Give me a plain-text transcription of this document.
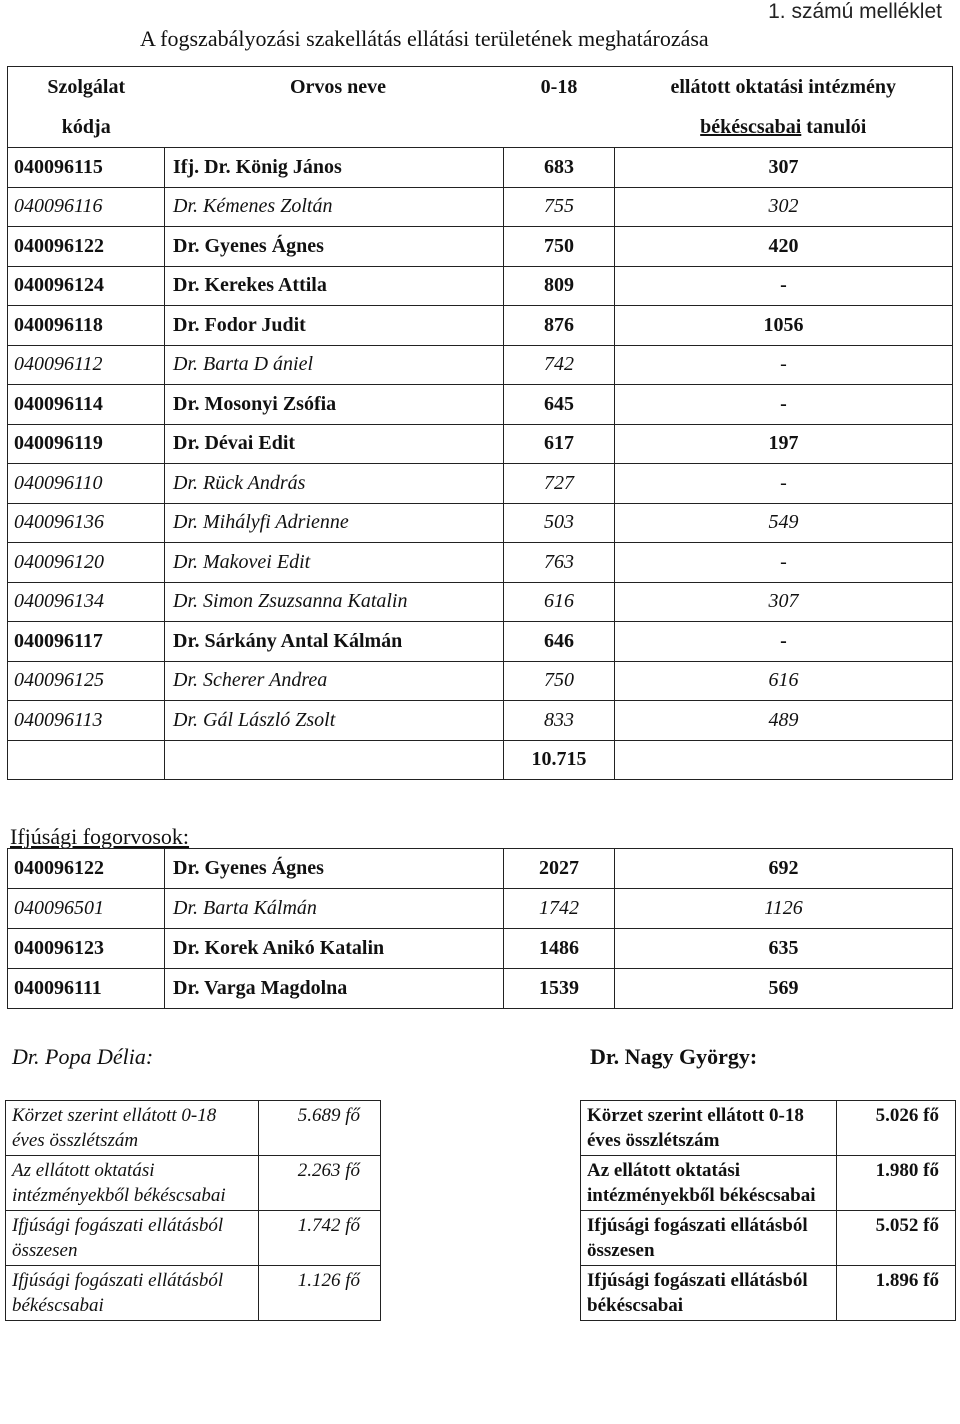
1. számú melléklet
A fogszabályozási szakellátás ellátási területének meghatározása
Szolgálat	Orvos neve	0-18	ellátott oktatási intézmény
kódja			békéscsabai tanulói
040096115	Ifj. Dr. König János	683	307
040096116	Dr. Kémenes Zoltán	755	302
040096122	Dr. Gyenes Ágnes	750	420
040096124	Dr. Kerekes Attila	809	-
040096118	Dr. Fodor Judit	876	1056
040096112	Dr. Barta D ániel	742	-
040096114	Dr. Mosonyi Zsófia	645	-
040096119	Dr. Dévai Edit	617	197
040096110	Dr. Rück András	727	-
040096136	Dr. Mihályfi Adrienne	503	549
040096120	Dr. Makovei Edit	763	-
040096134	Dr. Simon Zsuzsanna Katalin	616	307
040096117	Dr. Sárkány Antal Kálmán	646	-
040096125	Dr. Scherer Andrea	750	616
040096113	Dr. Gál László Zsolt	833	489
		10.715	
Ifjúsági fogorvosok:
040096122	Dr. Gyenes Ágnes	2027	692
040096501	Dr. Barta Kálmán	1742	1126
040096123	Dr. Korek Anikó Katalin	1486	635
040096111	Dr. Varga Magdolna	1539	569
Dr. Popa Délia:	Dr. Nagy György:
Körzet szerint ellátott 0-18 éves összlétszám	5.689 fő
Az ellátott oktatási intézményekből békéscsabai	2.263 fő
Ifjúsági fogászati ellátásból összesen	1.742 fő
Ifjúsági fogászati ellátásból békéscsabai	1.126 fő
Körzet szerint ellátott 0-18 éves összlétszám	5.026 fő
Az ellátott oktatási intézményekből békéscsabai	1.980 fő
Ifjúsági fogászati ellátásból összesen	5.052 fő
Ifjúsági fogászati ellátásból békéscsabai	1.896 fő
